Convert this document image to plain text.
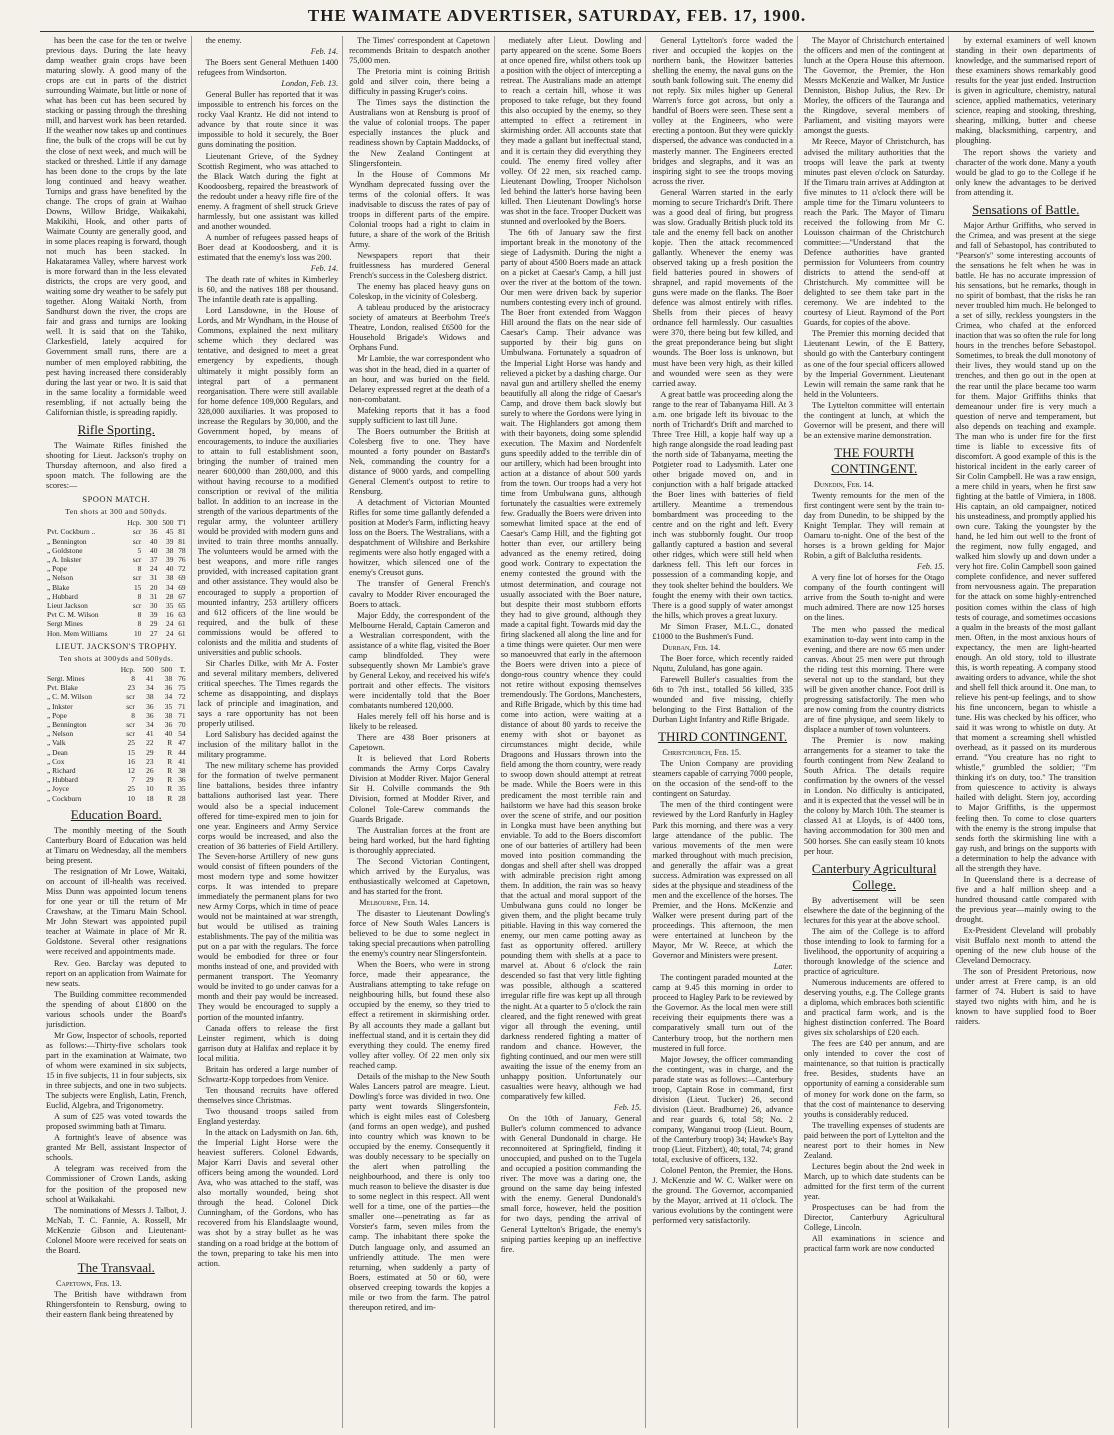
THE WAIMATE ADVERTISER, SATURDAY, FEB. 17, 1900.

has been the case for the ten or twelve previous days. During the late heavy damp weather grain crops have been maturing slowly. A good many of the crops are cut in parts of the district surrounding Waimate, but little or none of what has been cut has been secured by stacking or passing through the threshing mill, and harvest work has been retarded. If the weather now takes up and continues fine, the bulk of the crops will be cut by the close of next week, and much will be stacked or threshed. Little if any damage has been done to the crops by the late long continued and heavy weather. Turnips and grass have benefited by the change. The crops of grain at Waihao Downs, Willow Bridge, Waikakahi, Makikihi, Hook, and other parts of Waimate County are generally good, and in some places reaping is forward, though not much has been stacked. In Hakataramea Valley, where harvest work is more forward than in the less elevated districts, the crops are very good, and waiting some dry weather to be safely put together. Along Waitaki North, from Sandhurst down the river, the crops are fair and grass and turnips are looking well. It is said that on the Tahiko, Clarkesfield, lately acquired for Government small runs, there are a number of men employed rabbiting, the pest having increased there considerably during the last year or two. It is said that in the same locality a formidable weed resembling, if not actually being the Californian thistle, is spreading rapidly.

Rifle Sporting.

The Waimate Rifles finished the shooting for Lieut. Jackson's trophy on Thursday afternoon, and also fired a spoon match. The following are the scores:—

SPOON MATCH.
Ten shots at 300 and 500yds.
	Hcp.	300	500	T'l
Pvt. Cockburn ..	scr	36	45	81
„ Bennington	scr	40	39	81
„ Goldstone	5	40	38	78
„ A. Inkster	scr	37	39	76
„ Pope	8	24	40	72
„ Nelson	scr	31	38	69
„ Blake	15	20	34	69
„ Hubbard	8	31	28	67
Lieut Jackson	scr	30	35	65
Pvt C. M. Wilson	8	39	16	63
Sergt Mines	8	29	24	61
Hon. Mem Williams	10	27	24	61
LIEUT. JACKSON'S TROPHY.
Ten shots at 300yds and 500yds.
	Hcp.	500	500	T.
Sergt. Mines	8	41	38	76
Pvt. Blake	23	34	36	75
„ C. M. Wilson	scr	38	34	72
„ Inkster	scr	36	35	71
„ Pope	8	36	38	71
„ Bennington	scr	34	36	70
„ Nelson	scr	41	40	54
„ Valk	25	22	R	47
„ Dean	15	29	R	44
„ Cox	16	23	R	41
„ Richard	12	26	R	38
„ Hubbard	7	29	R	36
„ Joyce	25	10	R	35
„ Cockburn	10	18	R	28
Education Board.

The monthly meeting of the South Canterbury Board of Education was held at Timaru on Wednesday, all the members being present.

The resignation of Mr Lowe, Waitaki, on account of ill-health was received. Miss Dunn was appointed locum tenens for one year or till the return of Mr Crawshaw, at the Timaru Main School. Mr John Stewart was appointed pupil teacher at Waimate in place of Mr R. Goldstone. Several other resignations were received and appointments made.

Rev. Geo. Barclay was deputed to report on an application from Waimate for new seats.

The Building committee recommended the spending of about £1800 on the various schools under the Board's jurisdiction.

Mr Gow, Inspector of schools, reported as follows:—Thirty-five scholars took part in the examination at Waimate, two of whom were examined in six subjects, 15 in five subjects, 11 in four subjects, six in three subjects, and one in two subjects. The subjects were English, Latin, French, Euclid, Algebra, and Trigonometry.

A sum of £25 was voted towards the proposed swimming bath at Timaru.

A fortnight's leave of absence was granted Mr Bell, assistant Inspector of schools.

A telegram was received from the Commissioner of Crown Lands, asking for the position of the proposed new school at Waikakahi.

The nominations of Messrs J. Talbot, J. McNab, T. C. Fannie, A. Rossell, Mr McKenzie Gibson and Lieutenant-Colonel Moore were received for seats on the Board.

The Transvaal.
Capetown, Feb. 13.

The British have withdrawn from Rhingersfontein to Rensburg, owing to their eastern flank being threatened by

the enemy.

Feb. 14.

The Boers sent General Methuen 1400 refugees from Windsorton.

London, Feb. 13.

General Buller has reported that it was impossible to entrench his forces on the rocky Vaal Krantz. He did not intend to advance by that route since it was impossible to hold it securely, the Boer guns dominating the position.

Lieutenant Grieve, of the Sydney Scottish Regiment, who was attached to the Black Watch during the fight at Koodoosberg, repaired the breastwork of the redoubt under a heavy rifle fire of the enemy. A fragment of shell struck Grieve harmlessly, but one assistant was killed and another wounded.

A number of refugees passed heaps of Boer dead at Koodoosberg, and it is estimated that the enemy's loss was 200.

Feb. 14.

The death rate of whites in Kimberley is 60, and the natives 188 per thousand. The infantile death rate is appalling.

Lord Lansdowne, in the House of Lords, and Mr Wyndham, in the House of Commons, explained the next military scheme which they declared was tentative, and designed to meet a great emergency by expedients, though ultimately it might possibly form an integral part of a permanent reorganisation. There were still available for home defence 109,000 Regulars, and 328,000 auxiliaries. It was proposed to increase the Regulars by 30,000, and the Government hoped, by means of encouragements, to induce the auxiliaries to attain to full establishment soon, bringing the number of trained men nearer 600,000 than 280,000, and this without having recourse to a modified conscription or revival of the militia ballot. In addition to an increase in the strength of the various departments of the regular army, the volunteer artillery would be provided with modern guns and invited to train three months annually. The volunteers would be armed with the best weapons, and more rifle ranges provided, with increased capitation grant and other assistance. They would also be encouraged to supply a proportion of mounted infantry, 253 artillery officers and 612 officers of the line would be required, and the bulk of these commissions would be offered to colonists and the militia and students of universities and public schools.

Sir Charles Dilke, with Mr A. Foster and several military members, delivered critical speeches. The Times regards the scheme as disappointing, and displays lack of principle and imagination, and says a rare opportunity has not been properly utilised.

Lord Salisbury has decided against the inclusion of the military ballot in the military programme.

The new military scheme has provided for the formation of twelve permanent line battalions, besides three infantry battalions authorised last year. There would also be a special inducement offered for time-expired men to join for one year. Engineers and Army Service corps would be increased, and also the creation of 36 batteries of Field Artillery. The Seven-horse Artillery of new guns would consist of fifteen pounders of the most modern type and some howitzer corps. It was intended to prepare immediately the permanent plans for two new Army Corps, which in time of peace would not be maintained at war strength, but would be utilised as training establishments. The pay of the militia was put on a par with the regulars. The force would be embodied for three or four months instead of one, and provided with permanent transport. The Yeomanry would be invited to go under canvas for a month and their pay would be increased. They would be encouraged to supply a portion of the mounted infantry.

Canada offers to release the first Leinster regiment, which is doing garrison duty at Halifax and replace it by local militia.

Britain has ordered a large number of Schwartz-Kopp torpedoes from Venice.

Ten thousand recruits have offered themselves since Christmas.

Two thousand troops sailed from England yesterday.

In the attack on Ladysmith on Jan. 6th, the Imperial Light Horse were the heaviest sufferers. Colonel Edwards, Major Karri Davis and several other officers being among the wounded. Lord Ava, who was attached to the staff, was also mortally wounded, being shot through the head. Colonel Dick Cunningham, of the Gordons, who has recovered from his Elandslaagte wound, was shot by a stray bullet as he was standing on a road bridge at the bottom of the town, preparing to take his men into action.

The Times' correspondent at Capetown recommends Britain to despatch another 75,000 men.

The Pretoria mint is coining British gold and silver coin, there being a difficulty in passing Kruger's coins.

The Times says the distinction the Australians won at Rensburg is proof of the value of colonial troops. The paper especially instances the pluck and readiness shown by Captain Maddocks, of the New Zealand Contingent at Slingersfontein.

In the House of Commons Mr Wyndham deprecated fussing over the terms of the colonial offers. It was inadvisable to discuss the rates of pay of troops in different parts of the empire. Colonial troops had a right to claim in future, a share of the work of the British Army.

Newspapers report that their fruitlessness has murdered General French's success in the Colesberg district.

The enemy has placed heavy guns on Coleskop, in the vicinity of Colesberg.

A tableau produced by the aristocracy society of amateurs at Beerbohm Tree's Theatre, London, realised £6500 for the Household Brigade's Widows and Orphans Fund.

Mr Lambie, the war correspondent who was shot in the head, died in a quarter of an hour, and was buried on the field. Delarey expressed regret at the death of a non-combatant.

Mafeking reports that it has a food supply sufficient to last till June.

The Boers outnumber the British at Colesberg five to one. They have mounted a forty pounder on Bastard's Nek, commanding the country for a distance of 9000 yards, and compelling General Clement's outpost to retire to Rensburg.

A detachment of Victorian Mounted Rifles for some time gallantly defended a position at Moder's Farm, inflicting heavy loss on the Boers. The Westralians, with a despatchment of Wiltshire and Berkshire regiments were also hotly engaged with a howitzer, which silenced one of the enemy's Creusot guns.

The transfer of General French's cavalry to Modder River encouraged the Boers to attack.

Major Eddy, the correspondent of the Melbourne Herald, Captain Cameron and a Westralian correspondent, with the assistance of a white flag, visited the Boer camp blindfolded. They were subsequently shown Mr Lambie's grave by General Lekoy, and received his wife's portrait and other effects. The visitors were incidentally told that the Boer combatants numbered 120,000.

Hales merely fell off his horse and is likely to be released.

There are 438 Boer prisoners at Capetown.

It is believed that Lord Roberts commands the Army Corps Cavalry Division at Modder River. Major General Sir H. Colville commands the 9th Division, formed at Modder River, and Colonel Tole-Carew commands the Guards Brigade.

The Australian forces at the front are being hard worked, but the hard fighting is thoroughly appreciated.

The Second Victorian Contingent, which arrived by the Euryalus, was enthusiastically welcomed at Capetown, and has started for the front.

Melbourne, Feb. 14.

The disaster to Lieutenant Dowling's force of New South Wales Lancers is believed to be due to some neglect in taking special precautions when patrolling the enemy's country near Slingersfontein.

When the Boers, who were in strong force, made their appearance, the Australians attempting to take refuge on neighbouring hills, but found these also occupied by the enemy, so they tried to effect a retirement in skirmishing order. By all accounts they made a gallant but ineffectual stand, and it is certain they did everything they could. The enemy fired volley after volley. Of 22 men only six reached camp.

Details of the mishap to the New South Wales Lancers patrol are meagre. Lieut. Dowling's force was divided in two. One party went towards Slingersfontein, which is eight miles east of Colesberg (and forms an open wedge), and pushed into country which was known to be occupied by the enemy. Consequently it was doubly necessary to be specially on the alert when patrolling the neighbourhood, and there is only too much reason to believe the disaster is due to some neglect in this respect. All went well for a time, one of the parties—the smaller one—penetrating as far as Vorster's farm, seven miles from the camp. The inhabitant there spoke the Dutch language only, and assumed an unfriendly attitude. The men were returning, when suddenly a party of Boers, estimated at 50 or 60, were observed creeping towards the kopjes a mile or two from the farm. The patrol thereupon retired, and im-

mediately after Lieut. Dowling and party appeared on the scene. Some Boers at once opened fire, whilst others took up a position with the object of intercepting a retreat. The Australians made an attempt to reach a certain hill, whose it was proposed to take refuge, but they found this also occupied by the enemy, so they attempted to effect a retirement in skirmishing order. All accounts state that they made a gallant but ineffectual stand, and it is certain they did everything they could. The enemy fired volley after volley. Of 22 men, six reached camp. Lieutenant Dowling, Trooper Nicholson led behind the latter's horse having been killed. Then Lieutenant Dowling's horse was shot in the face. Trooper Duckett was stunned and overlooked by the Boers.

The 6th of January saw the first important break in the monotony of the siege of Ladysmith. During the night a party of about 4500 Boers made an attack on a picket at Caesar's Camp, a hill just over the river at the bottom of the town. Our men were driven back by superior numbers contesting every inch of ground. The Boer front extended from Waggon Hill around the flats on the near side of Caesar's Camp. Their advance was supported by their big guns on Umbulwana. Fortunately a squadron of the Imperial Light Horse was handy and relieved a picket by a dashing charge. Our naval gun and artillery shelled the enemy beautifully all along the ridge of Caesar's Camp, and drove them back slowly but surely to where the Gordons were lying in wait. The Highlanders got among them with their bayonets, doing some splendid execution. The Maxim and Nordenfelt guns speedily added to the terrible din of our artillery, which had been brought into action at a distance of about 500 yards from the town. Our troops had a very hot time from Umbulwana guns, although fortunately the casualties were extremely few. Gradually the Boers were driven into somewhat limited space at the end of Caesar's Camp Hill, and the fighting got hotter than ever, our artillery being advanced as the enemy retired, doing good work. Contrary to expectation the enemy contested the ground with the utmost determination, and courage not usually associated with the Boer nature, but despite their most stubborn efforts they had to give ground, although they made a capital fight. Towards mid day the firing slackened all along the line and for a time things were quieter. Our men were so manoeuvred that early in the afternoon the Boers were driven into a piece of dongo-rous country whence they could not retire without exposing themselves tremendously. The Gordons, Manchesters, and Rifle Brigade, which by this time had come into action, were waiting at a distance of about 80 yards to receive the enemy with shot or bayonet as circumstances might decide, while Dragoons and Hussars thrown into the field among the thorn country, were ready to swoop down should attempt at retreat be made. While the Boers were in this predicament the most terrible rain and hailstorm we have had this season broke over the scene of strife, and our position in Longka must have been anything but enviable. To add to the Boers discomfort one of our batteries of artillery had been moved into position commanding the dongas and shell after shell was dropped with admirable precision right among them. In addition, the rain was so heavy that the actual and moral support of the Umbulwana guns could no longer be given them, and the plight became truly pitiable. Having in this way cornered the enemy, our men came potting away as fast as opportunity offered. artillery pounding them with shells at a pace to marvel at. About 6 o'clock the rain descended so fast that very little fighting was possible, although a scattered irregular rifle fire was kept up all through the night. At a quarter to 5 o'clock the rain cleared, and the fight renewed with great vigor all through the evening, until darkness rendered fighting a matter of random and chance. However, the fighting continued, and our men were still awaiting the issue of the enemy from an unhappy position. Unfortunately our casualties were heavy, although we had comparatively few killed.

Feb. 15.

On the 10th of January, General Buller's column commenced to advance with General Dundonald in charge. He reconnoitered at Springfield, finding it unoccupied, and pushed on to the Tugela and occupied a position commanding the river. The move was a daring one, the ground on the same day being infested with the enemy. General Dundonald's small force, however, held the position for two days, pending the arrival of General Lyttelton's Brigade, the enemy's sniping parties keeping up an ineffective fire.

General Lyttelton's force waded the river and occupied the kopjes on the northern bank, the Howitzer batteries shelling the enemy, the naval guns on the south bank following suit. The enemy did not reply. Six miles higher up General Warren's force got across, but only a handful of Boers were seen. These sent a volley at the Engineers, who were erecting a pontoon. But they were quickly dispersed, the advance was conducted in a masterly manner. The Engineers erected bridges and slegraphs, and it was an inspiring sight to see the troops moving across the river.

General Warren started in the early morning to secure Trichardt's Drift. There was a good deal of firing, but progress was slow. Gradually British pluck told its tale and the enemy fell back on another kopje. Then the attack recommenced gallantly. Whenever the enemy was observed taking up a fresh position the field batteries poured in showers of shrapnel, and rapid movements of the guns were made on the flanks. The Boer defence was almost entirely with rifles. Shells from their pieces of heavy ordnance fell harmlessly. Our casualties were 370, there being but few killed, and the great preponderance being but slight wounds. The Boer loss is unknown, but must have been very high, as their killed and wounded were seen as they were carried away.

A great battle was proceeding along the range to the rear of Tabanyama Hill. At 3 a.m. one brigade left its bivouac to the north of Trichardt's Drift and marched to Three Tree Hill, a kopje half way up a high range alongside the road leading past the north side of Tabanyama, meeting the Potgieter road to Ladysmith. Later one other brigade moved on, and in conjunction with a half brigade attacked the Boer lines with batteries of field artillery. Meantime a tremendous bombardment was proceeding to the centre and on the right and left. Every inch was stubbornly fought. Our troop gallantly captured a bastion and several other ridges, which were still held when darkness fell. This left our forces in possession of a commanding kopje, and they took shelter behind the boulders. We fought the enemy with their own tactics. There is a good supply of water amongst the hills, which proves a great luxury.

Mr Simon Fraser, M.L.C., donated £1000 to the Bushmen's Fund.

Durban, Feb. 14.

The Boer force, which recently raided Nqutu, Zululand, has gone again.

Farewell Buller's casualties from the 6th to 7th inst., totalled 56 killed, 335 wounded and five missing, chiefly belonging to the First Battalion of the Durban Light Infantry and Rifle Brigade.

THIRD CONTINGENT.
Christchurch, Feb. 15.

The Union Company are providing steamers capable of carrying 7000 people, on the occasion of the send-off to the contingent on Saturday.

The men of the third contingent were reviewed by the Lord Ranfurly in Hagley Park this morning, and there was a very large attendance of the public. The various movements of the men were marked throughout with much precision, and generally the affair was a great success. Admiration was expressed on all sides at the physique and steadiness of the men and the excellence of the horses. The Premier, and the Hons. McKenzie and Walker were present during part of the proceedings. This afternoon, the men were entertained at luncheon by the Mayor, Mr W. Reece, at which the Governor and Ministers were present.

Later.

The contingent paraded mounted at the camp at 9.45 this morning in order to proceed to Hagley Park to be reviewed by the Governor. As the local men were still receiving their equipments there was a comparatively small turn out of the Canterbury troop, but the northern men mustered in full force.

Major Jowsey, the officer commanding the contingent, was in charge, and the parade state was as follows:—Canterbury troop, Captain Rose in command, first division (Lieut. Tucker) 26, second division (Lieut. Bradburne) 26, advance and rear guards 6, total 58; No. 2 company, Wanganui troop (Lieut. Bourn, of the Canterbury troop) 34; Hawke's Bay troop (Lieut. Fitzbert), 40; total, 74; grand total, exclusive of officers, 132.

Colonel Penton, the Premier, the Hons. J. McKenzie and W. C. Walker were on the ground. The Governor, accompanied by the Mayor, arrived at 11 o'clock. The various evolutions by the contingent were performed very satisfactorily.

The Mayor of Christchurch entertained the officers and men of the contingent at lunch at the Opera House this afternoon. The Governor, the Premier, the Hon Messrs McKenzie and Walker, Mr Justice Denniston, Bishop Julius, the Rev. Dr Morley, the officers of the Tauranga and the Ringdove, several members of Parliament, and visiting mayors were amongst the guests.

Mr Reece, Mayor of Christchurch, has advised the military authorities that the troops will leave the park at twenty minutes past eleven o'clock on Saturday. If the Timaru train arrives at Addington at five minutes to 11 o'clock there will be ample time for the Timaru volunteers to reach the Park. The Mayor of Timaru received the following from Mr C. Louisson chairman of the Christchurch committee:—"Understand that the Defence authorities have granted permission for Volunteers from country districts to attend the send-off at Christchurch. My committee will be delighted to see them take part in the ceremony. We are indebted to the courtesy of Lieut. Raymond of the Port Guards, for copies of the above.

The Premier this morning decided that Lieutenant Lewin, of the E Battery, should go with the Canterbury contingent as one of the four special officers allowed by the Imperial Government. Lieutenant Lewin will remain the same rank that he held in the Volunteers.

The Lyttelton committee will entertain the contingent at lunch, at which the Governor will be present, and there will be an extensive marine demonstration.

THE FOURTH CONTINGENT.
Dunedin, Feb. 14.

Twenty remounts for the men of the first contingent were sent by the train to-day from Dunedin, to be shipped by the Knight Templar. They will remain at Oamaru to-night. One of the best of the horses is a brown gelding for Major Robin, a gift of Balclutha residents.

Feb. 15.

A very fine lot of horses for the Otago company of the fourth contingent will arrive from the South to-night and were much admired. There are now 125 horses on the lines.

The men who passed the medical examination to-day went into camp in the evening, and there are now 65 men under canvas. About 25 men were put through the riding test this morning. There were several not up to the standard, but they will be given another chance. Foot drill is progressing satisfactorily. The men who are now coming from the country districts are of fine physique, and seem likely to displace a number of town volunteers.

The Premier is now making arrangements for a steamer to take the fourth contingent from New Zealand to South Africa. The details require confirmation by the owners of the vessel in London. No difficulty is anticipated, and it is expected that the vessel will be in the colony by March 10th. The steamer is classed A1 at Lloyds, is of 4400 tons, having accommodation for 300 men and 500 horses. She can easily steam 10 knots per hour.

Canterbury Agricultural College.

By advertisement will be seen elsewhere the date of the beginning of the lectures for this year at the above school.

The aim of the College is to afford those intending to look to farming for a livelihood, the opportunity of acquiring a thorough knowledge of the science and practice of agriculture.

Numerous inducements are offered to deserving youths, e.g. The College grants a diploma, which embraces both scientific and practical farm work, and is the highest distinction conferred. The Board gives six scholarships of £20 each.

The fees are £40 per annum, and are only intended to cover the cost of maintenance, so that tuition is practically free. Besides, students have an opportunity of earning a considerable sum of money for work done on the farm, so that the cost of maintenance to deserving youths is considerably reduced.

The travelling expenses of students are paid between the port of Lyttelton and the nearest port to their homes in New Zealand.

Lectures begin about the 2nd week in March, up to which date students can be admitted for the first term of the current year.

Prospectuses can be had from the Director, Canterbury Agricultural College, Lincoln.

All examinations in science and practical farm work are now conducted

by external examiners of well known standing in their own departments of knowledge, and the summarised report of these examiners shows remarkably good results for the year just ended. Instruction is given in agriculture, chemistry, natural science, applied mathematics, veterinary science, reaping and stooking, threshing, shearing, milking, butter and cheese making, blacksmithing, carpentry, and ploughing.

The report shows the variety and character of the work done. Many a youth would be glad to go to the College if he only knew the advantages to be derived from attending it.

Sensations of Battle.

Major Arthur Griffiths, who served in the Crimea, and was present at the siege and fall of Sebastopol, has contributed to "Pearson's" some interesting accounts of the sensations he felt when he was in battle. He has no accurate impression of his sensations, but he remarks, though in no spirit of bombast, that the risks he ran never troubled him much. He belonged to a set of silly, reckless youngsters in the Crimea, who chafed at the enforced inaction that was so often the rule for long hours in the trenches before Sebastopol. Sometimes, to break the dull monotony of their lives, they would stand up on the trenches, and then go out in the open at the rear until the place became too warm for them. Major Griffiths thinks that demeanour under fire is very much a question of nerve and temperament, but also depends on teaching and example. The man who is under fire for the first time is liable to excessive fits of discomfort. A good example of this is the historical incident in the early career of Sir Colin Campbell. He was a raw ensign, a mere child in years, when he first saw fighting at the battle of Vimiera, in 1808. His captain, an old campaigner, noticed his unsteadiness, and promptly applied his own cure. Taking the youngster by the hand, he led him out well to the front of the regiment, now fully engaged, and walked him slowly up and down under a very hot fire. Colin Campbell soon gained complete confidence, and never suffered from nervousness again. The preparation for the attack on some highly-entrenched position comes within the class of high tests of courage, and sometimes occasions a qualm in the breasts of the most gallant men. Often, in the most anxious hours of expectancy, the men are light-hearted enough. An old story, told to illustrate this, is worth repeating. A company stood awaiting orders to advance, while the shot and shell fell thick around it. One man, to relieve his pent-up feelings, and to show his fine unconcern, began to whistle a tune. His was checked by his officer, who said it was wrong to whistle on duty. At that moment a screaming shell whistled overhead, as it passed on its murderous errand. "You creature has no right to whistle," grumbled the soldier; "I'm thinking it's on duty, too." The transition from quiescence to activity is always hailed with delight. Stern joy, according to Major Griffiths, is the uppermost feeling then. To come to close quarters with the enemy is the strong impulse that sends forth the skirmishing line with a gay rush, and brings on the supports with a determination to help the advance with all the strength they have.

In Queensland there is a decrease of five and a half million sheep and a hundred thousand cattle compared with the previous year—mainly owing to the drought.

Ex-President Cleveland will probably visit Buffalo next month to attend the opening of the new club house of the Cleveland Democracy.

The son of President Pretorious, now under arrest at Frere camp, is an old farmer of 74. Hubert is said to have stayed two nights with him, and he is known to have supplied food to Boer raiders.
